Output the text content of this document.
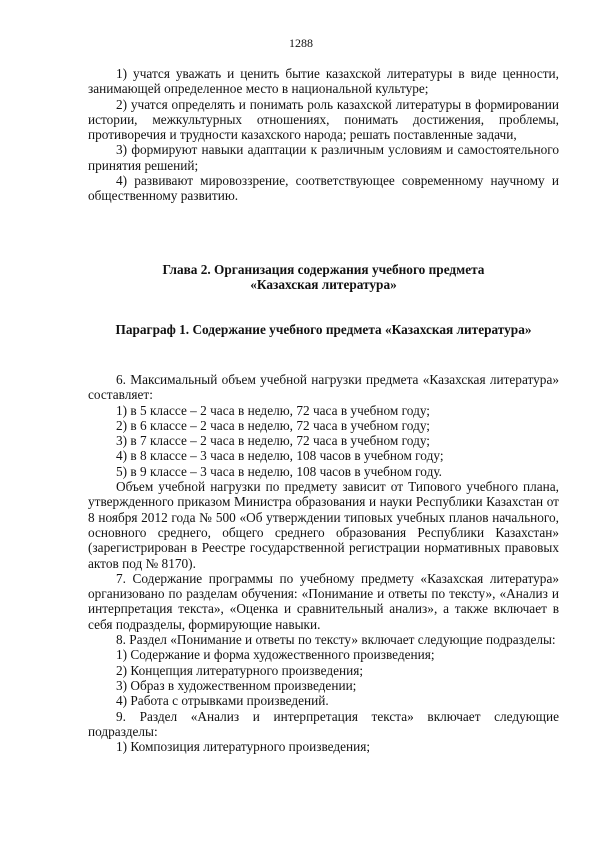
1288

1) учатся уважать и ценить бытие казахской литературы в виде ценности, занимающей определенное место в национальной культуре;

2) учатся определять и понимать роль казахской литературы в формировании истории, межкультурных отношениях, понимать достижения, проблемы, противоречия и трудности казахского народа; решать поставленные задачи,

3) формируют навыки адаптации к различным условиям и самостоятельного принятия решений;

4) развивают мировоззрение, соответствующее современному научному и общественному развитию.

Глава 2. Организация содержания учебного предмета

«Казахская литература»

Параграф 1. Содержание учебного предмета «Казахская литература»

6. Максимальный объем учебной нагрузки предмета «Казахская литература» составляет:

1) в 5 классе – 2 часа в неделю, 72 часа в учебном году;
2) в 6 классе – 2 часа в неделю, 72 часа в учебном году;
3) в 7 классе – 2 часа в неделю, 72 часа в учебном году;
4) в 8 классе – 3 часа в неделю, 108 часов в учебном году;
5) в 9 классе – 3 часа в неделю, 108 часов в учебном году.

Объем учебной нагрузки по предмету зависит от Типового учебного плана, утвержденного приказом Министра образования и науки Республики Казахстан от 8 ноября 2012 года № 500 «Об утверждении типовых учебных планов начального, основного среднего, общего среднего образования Республики Казахстан» (зарегистрирован в Реестре государственной регистрации нормативных правовых актов под № 8170).

7. Содержание программы по учебному предмету «Казахская литература» организовано по разделам обучения: «Понимание и ответы по тексту», «Анализ и интерпретация текста», «Оценка и сравнительный анализ», а также включает в себя подразделы, формирующие навыки.

8. Раздел «Понимание и ответы по тексту» включает следующие подразделы:

1) Содержание и форма художественного произведения;
2) Концепция литературного произведения;
3) Образ в художественном произведении;
4) Работа с отрывками произведений.

9. Раздел «Анализ и интерпретация текста» включает следующие подразделы:

1) Композиция литературного произведения;
